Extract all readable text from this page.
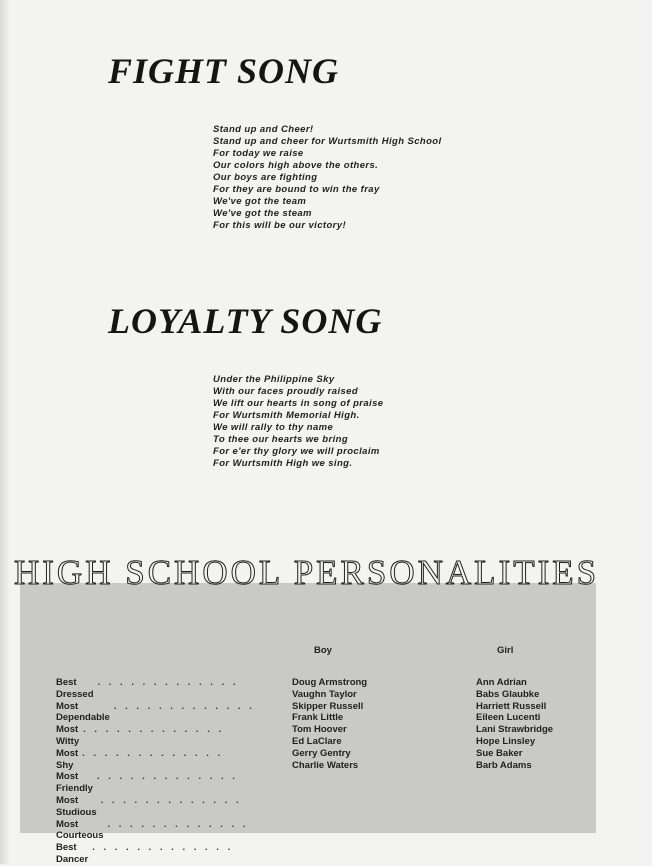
FIGHT SONG
Stand up and Cheer!
Stand up and cheer for Wurtsmith High School
For today we raise
Our colors high above the others.
Our boys are fighting
For they are bound to win the fray
We've got the team
We've got the steam
For this will be our victory!
LOYALTY SONG
Under the Philippine Sky
With our faces proudly raised
We lift our hearts in song of praise
For Wurtsmith Memorial High.
We will rally to thy name
To thee our hearts we bring
For e'er thy glory we will proclaim
For Wurtsmith High we sing.
HIGH SCHOOL PERSONALITIES
Boy	Girl
Best Dressed
. . . . . . . . . . . . .
Most Dependable
. . . . . . . . . . . . .
Most Witty
. . . . . . . . . . . . .
Most Shy
. . . . . . . . . . . . .
Most Friendly
. . . . . . . . . . . . .
Most Studious
. . . . . . . . . . . . .
Most Courteous
. . . . . . . . . . . . .
Best Dancer
. . . . . . . . . . . . .
Doug Armstrong
Vaughn Taylor
Skipper Russell
Frank Little
Tom Hoover
Ed LaClare
Gerry Gentry
Charlie Waters
Ann Adrian
Babs Glaubke
Harriett Russell
Eileen Lucenti
Lani Strawbridge
Hope Linsley
Sue Baker
Barb Adams
